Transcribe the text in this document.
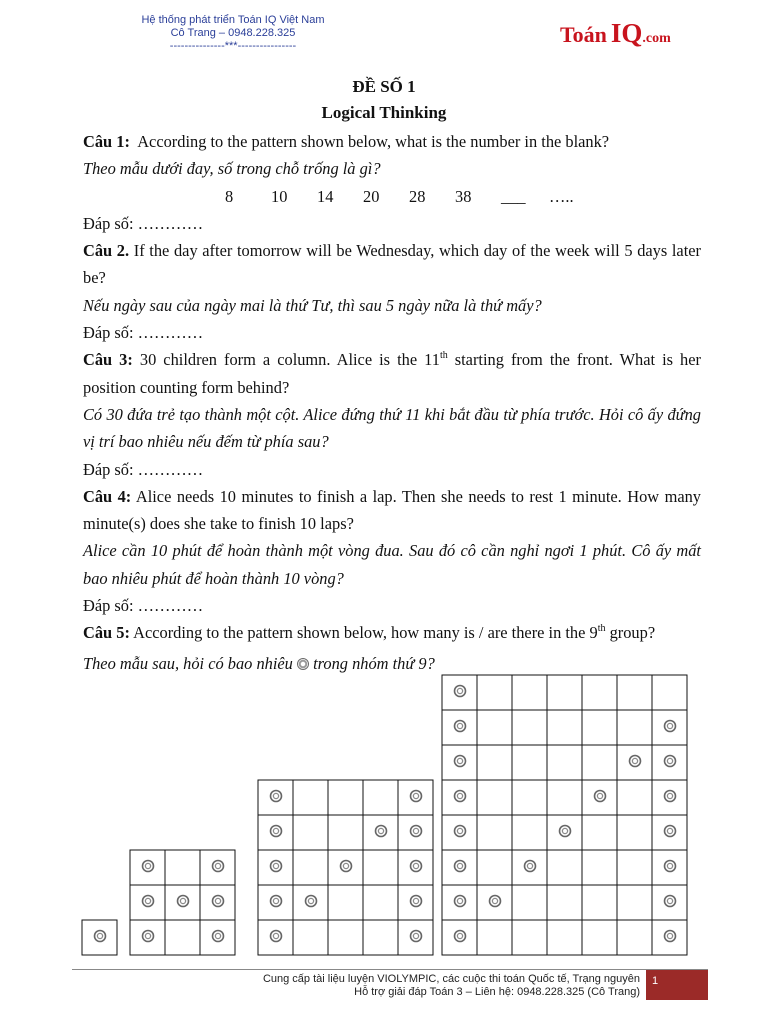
Hệ thống phát triển Toán IQ Việt Nam
Cô Trang – 0948.228.325
---------------***----------------	Toán IQ.com
ĐỀ SỐ 1
Logical Thinking

Câu 1: According to the pattern shown below, what is the number in the blank?

Theo mẫu dưới đay, số trong chỗ trống là gì?

8	10	14	20	28	38	___	…..

Đáp số: …………

Câu 2. If the day after tomorrow will be Wednesday, which day of the week will 5 days later be?

Nếu ngày sau của ngày mai là thứ Tư, thì sau 5 ngày nữa là thứ mấy?

Đáp số: …………

Câu 3: 30 children form a column. Alice is the 11th starting from the front. What is her position counting form behind?

Có 30 đứa trẻ tạo thành một cột. Alice đứng thứ 11 khi bắt đầu từ phía trước. Hỏi cô ấy đứng vị trí bao nhiêu nếu đếm từ phía sau?

Đáp số: …………

Câu 4: Alice needs 10 minutes to finish a lap. Then she needs to rest 1 minute. How many minute(s) does she take to finish 10 laps?

Alice cần 10 phút để hoàn thành một vòng đua. Sau đó cô cần nghỉ ngơi 1 phút. Cô ấy mất bao nhiêu phút để hoàn thành 10 vòng?

Đáp số: …………

Câu 5: According to the pattern shown below, how many is / are there in the 9th group?

Theo mẫu sau, hỏi có bao nhiêu  trong nhóm thứ 9?

Cung cấp tài liệu luyện VIOLYMPIC, các cuộc thi toán Quốc tế, Trạng nguyên
Hỗ trợ giải đáp Toán 3 – Liên hệ: 0948.228.325 (Cô Trang)
1
